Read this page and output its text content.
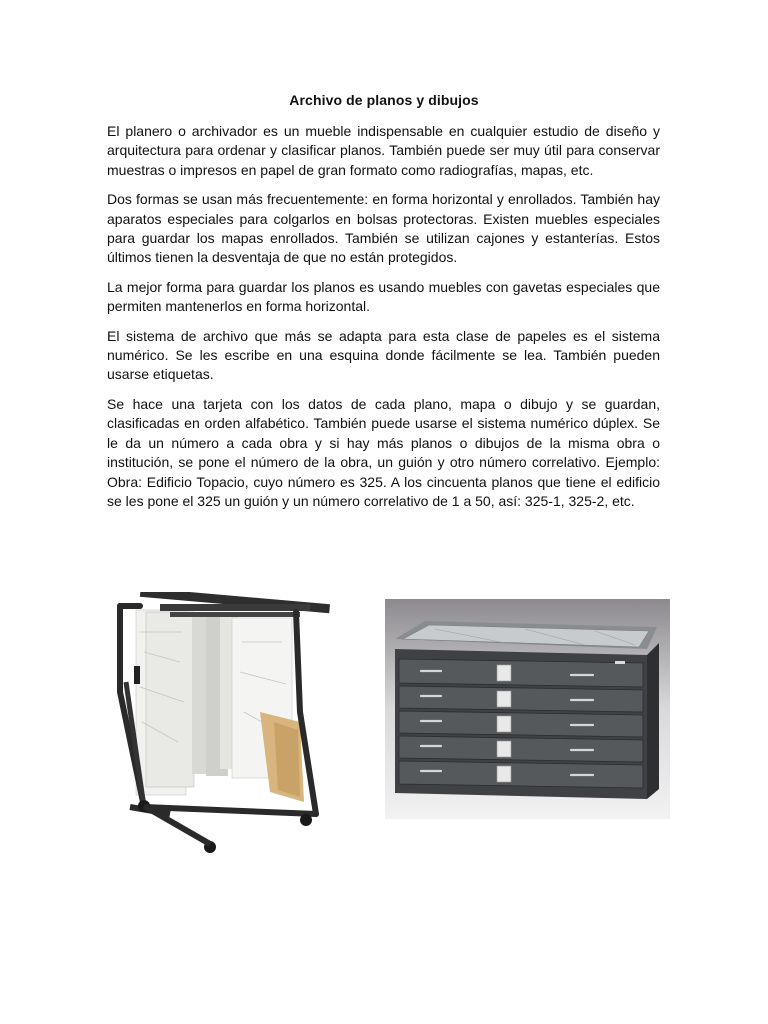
Archivo de planos y dibujos

El planero o archivador es un mueble indispensable en cualquier estudio de diseño y arquitectura para ordenar y clasificar planos. También puede ser muy útil para conservar muestras o impresos en papel de gran formato como radiografías, mapas, etc.

Dos formas se usan más frecuentemente: en forma horizontal y enrollados. También hay aparatos especiales para colgarlos en bolsas protectoras. Existen muebles especiales para guardar los mapas enrollados. También se utilizan cajones y estanterías. Estos últimos tienen la desventaja de que no están protegidos.

La mejor forma para guardar los planos es usando muebles con gavetas especiales que permiten mantenerlos en forma horizontal.

El sistema de archivo que más se adapta para esta clase de papeles es el sistema numérico. Se les escribe en una esquina donde fácilmente se lea. También pueden usarse etiquetas.

Se hace una tarjeta con los datos de cada plano, mapa o dibujo y se guardan, clasificadas en orden alfabético. También puede usarse el sistema numérico dúplex. Se le da un número a cada obra y si hay más planos o dibujos de la misma obra o institución, se pone el número de la obra, un guión y otro número correlativo. Ejemplo: Obra: Edificio Topacio, cuyo número es 325. A los cincuenta planos que tiene el edificio se les pone el 325 un guión y un número correlativo de 1 a 50, así: 325-1, 325-2, etc.
